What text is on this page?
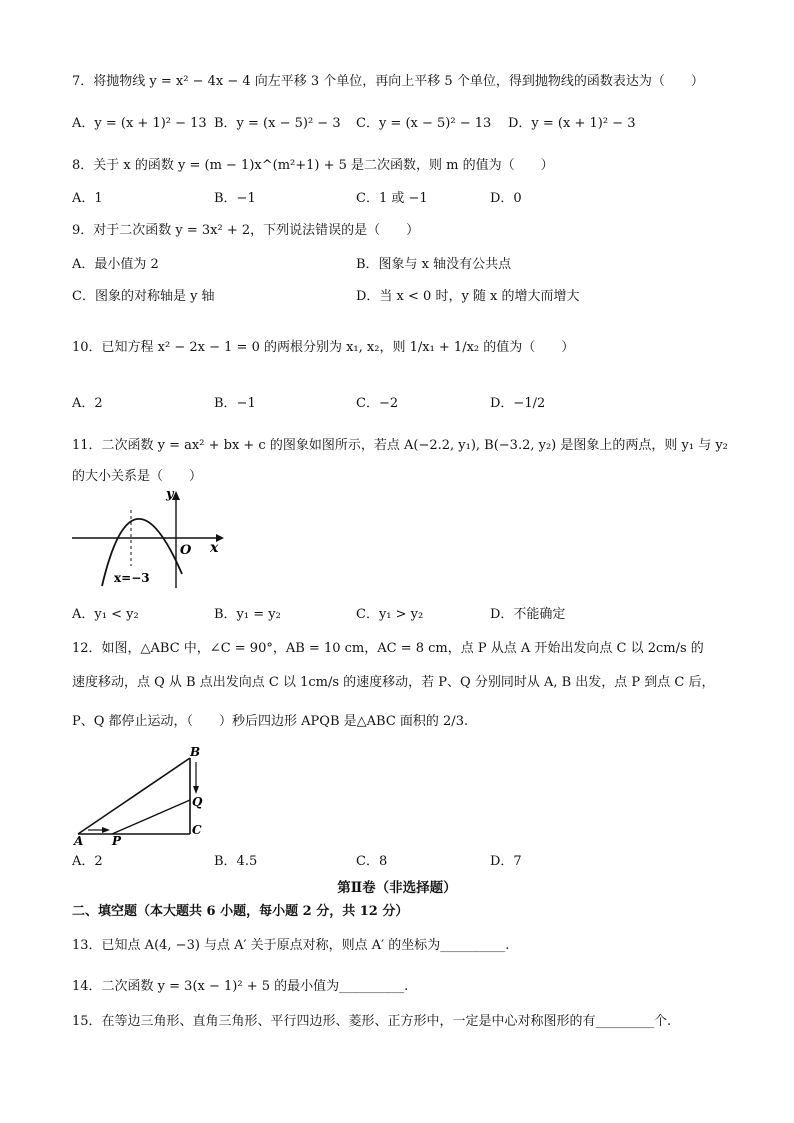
7．将抛物线 y = x² − 4x − 4 向左平移 3 个单位，再向上平移 5 个单位，得到抛物线的函数表达为（　　）
A．y = (x + 1)² − 13 B．y = (x − 5)² − 3 C．y = (x − 5)² − 13 D．y = (x + 1)² − 3
8．关于 x 的函数 y = (m − 1)x^(m²+1) + 5 是二次函数，则 m 的值为（　　）
A．1	B．−1	C．1 或 −1	D．0
9．对于二次函数 y = 3x² + 2，下列说法错误的是（　　）
A．最小值为 2	B．图象与 x 轴没有公共点
C．图象的对称轴是 y 轴	D．当 x < 0 时，y 随 x 的增大而增大
10．已知方程 x² − 2x − 1 = 0 的两根分别为 x₁, x₂，则 1/x₁ + 1/x₂ 的值为（　　）
A．2	B．−1	C．−2	D．−1/2
11．二次函数 y = ax² + bx + c 的图象如图所示，若点 A(−2.2, y₁), B(−3.2, y₂) 是图象上的两点，则 y₁ 与 y₂
的大小关系是（　　）
y
x
O
x=−3
A．y₁ < y₂	B．y₁ = y₂	C．y₁ > y₂	D．不能确定
12．如图，△ABC 中，∠C = 90°，AB = 10 cm，AC = 8 cm，点 P 从点 A 开始出发向点 C 以 2cm/s 的
速度移动，点 Q 从 B 点出发向点 C 以 1cm/s 的速度移动，若 P、Q 分别同时从 A, B 出发，点 P 到点 C 后，
P、Q 都停止运动，（　　）秒后四边形 APQB 是△ABC 面积的 2/3.
B
Q
C
A P
A．2	B．4.5	C．8	D．7
第Ⅱ卷（非选择题）
二、填空题（本大题共 6 小题，每小题 2 分，共 12 分）
13．已知点 A(4, −3) 与点 A′ 关于原点对称，则点 A′ 的坐标为__________.
14．二次函数 y = 3(x − 1)² + 5 的最小值为__________.
15．在等边三角形、直角三角形、平行四边形、菱形、正方形中，一定是中心对称图形的有_________个.
